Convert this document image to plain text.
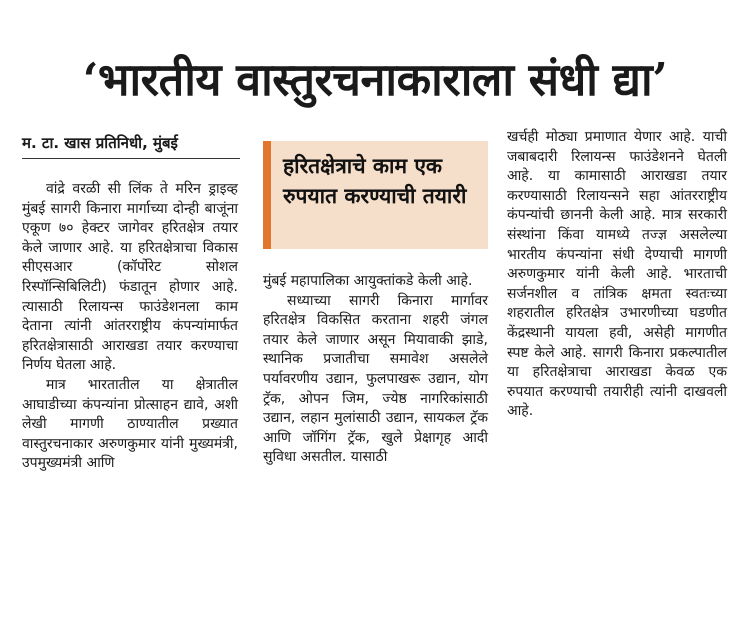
‘भारतीय वास्तुरचनाकाराला संधी द्या’
म. टा. खास प्रतिनिधी, मुंबई

वांद्रे वरळी सी लिंक ते मरिन ड्राइव्ह मुंबई सागरी किनारा मार्गाच्या दोन्ही बाजूंना एकूण ७० हेक्टर जागेवर हरितक्षेत्र तयार केले जाणार आहे. या हरितक्षेत्राचा विकास सीएसआर (कॉर्पोरेट सोशल रिस्पॉन्सिबिलिटी) फंडातून होणार आहे. त्यासाठी रिलायन्स फाउंडेशनला काम देताना त्यांनी आंतरराष्ट्रीय कंपन्यांमार्फत हरितक्षेत्रासाठी आराखडा तयार करण्याचा निर्णय घेतला आहे.

मात्र भारतातील या क्षेत्रातील आघाडीच्या कंपन्यांना प्रोत्साहन द्यावे, अशी लेखी मागणी ठाण्यातील प्रख्यात वास्तुरचनाकार अरुणकुमार यांनी मुख्यमंत्री, उपमुख्यमंत्री आणि

हरितक्षेत्राचे काम एक रुपयात करण्याची तयारी

मुंबई महापालिका आयुक्तांकडे केली आहे.

सध्याच्या सागरी किनारा मार्गावर हरितक्षेत्र विकसित करताना शहरी जंगल तयार केले जाणार असून मियावाकी झाडे, स्थानिक प्रजातीचा समावेश असलेले पर्यावरणीय उद्यान, फुलपाखरू उद्यान, योग ट्रॅक, ओपन जिम, ज्येष्ठ नागरिकांसाठी उद्यान, लहान मुलांसाठी उद्यान, सायकल ट्रॅक आणि जॉगिंग ट्रॅक, खुले प्रेक्षागृह आदी सुविधा असतील. यासाठी

खर्चही मोठ्या प्रमाणात येणार आहे. याची जबाबदारी रिलायन्स फाउंडेशनने घेतली आहे. या कामासाठी आराखडा तयार करण्यासाठी रिलायन्सने सहा आंतरराष्ट्रीय कंपन्यांची छाननी केली आहे. मात्र सरकारी संस्थांना किंवा यामध्ये तज्ज्ञ असलेल्या भारतीय कंपन्यांना संधी देण्याची मागणी अरुणकुमार यांनी केली आहे. भारताची सर्जनशील व तांत्रिक क्षमता स्वतःच्या शहरातील हरितक्षेत्र उभारणीच्या घडणीत केंद्रस्थानी यायला हवी, असेही मागणीत स्पष्ट केले आहे. सागरी किनारा प्रकल्पातील या हरितक्षेत्राचा आराखडा केवळ एक रुपयात करण्याची तयारीही त्यांनी दाखवली आहे.
